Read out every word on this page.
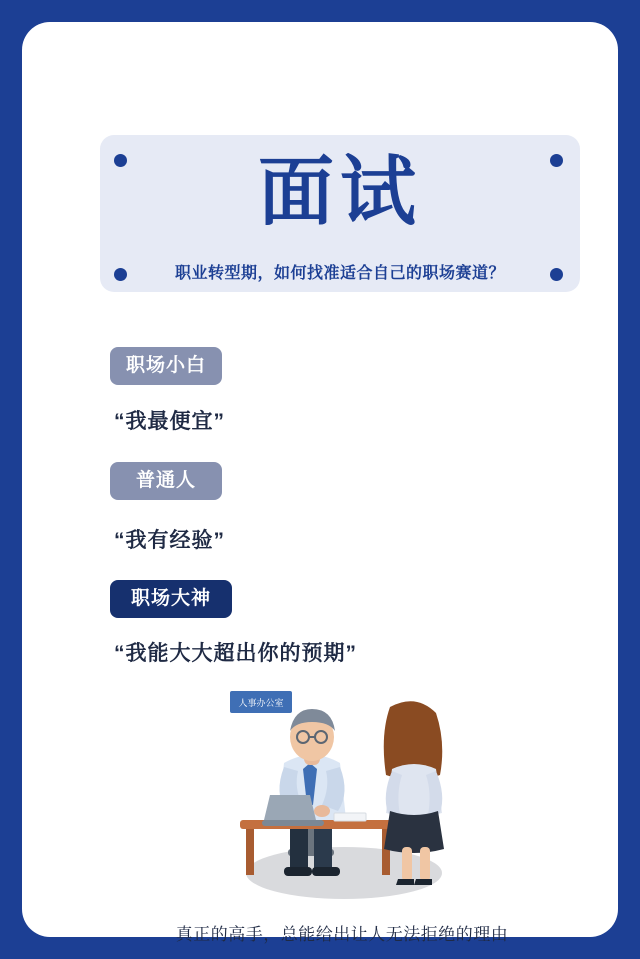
面试
职业转型期，如何找准适合自己的职场赛道？
职场小白
“我最便宜”
普通人
“我有经验”
职场大神
“我能大大超出你的预期”
人事办公室
真正的高手，总能给出让人无法拒绝的理由
